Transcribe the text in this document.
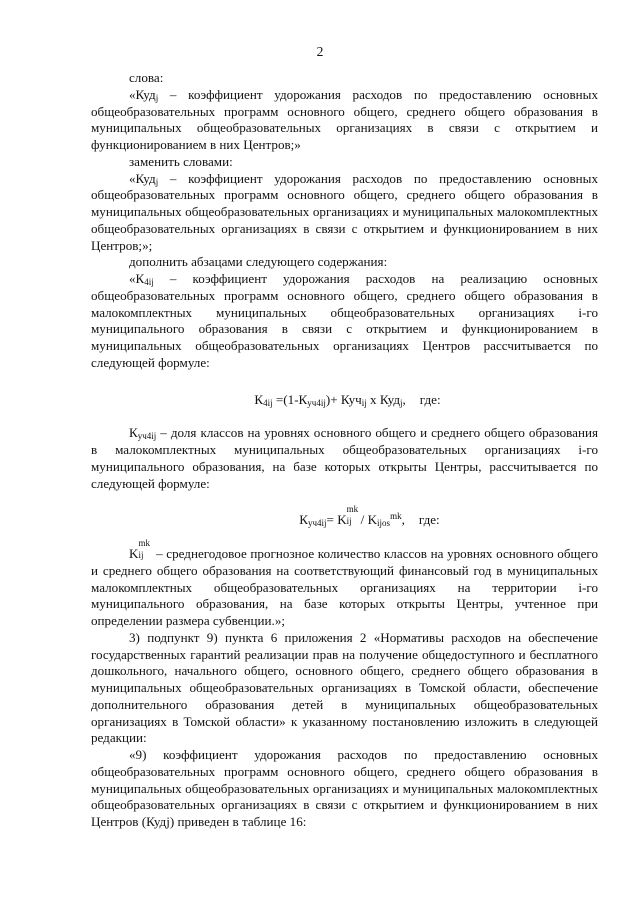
2

слова:

«Куд$_j$ – коэффициент удорожания расходов по предоставлению основных общеобразовательных программ основного общего, среднего общего образования в муниципальных общеобразовательных организациях в связи с открытием и функционированием в них Центров;»

заменить словами:

«Куд$_j$ – коэффициент удорожания расходов по предоставлению основных общеобразовательных программ основного общего, среднего общего образования в муниципальных общеобразовательных организациях и муниципальных малокомплектных общеобразовательных организациях в связи с открытием и функционированием в них Центров;»;

дополнить абзацами следующего содержания:

«$К_{4ij}$ – коэффициент удорожания расходов на реализацию основных общеобразовательных программ основного общего, среднего общего образования в малокомплектных муниципальных общеобразовательных организациях i-го муниципального образования в связи с открытием и функционированием в муниципальных общеобразовательных организациях Центров рассчитывается по следующей формуле:

$К_{4ij} =(1-К_{уч4ij})+ Куч_{ij}$ х Куд$_j$, где:

$К_{уч4ij}$ – доля классов на уровнях основного общего и среднего общего образования в малокомплектных муниципальных общеобразовательных организациях i-го муниципального образования, на базе которых открыты Центры, рассчитывается по следующей формуле:

$К_{уч4ij}= K$
mk
ij / $K_{ijos}^{mk}$, где:

K
mk
ij – среднегодовое прогнозное количество классов на уровнях основного общего и среднего общего образования на соответствующий финансовый год в муниципальных малокомплектных общеобразовательных организациях на территории i-го муниципального образования, на базе которых открыты Центры, учтенное при определении размера субвенции.»;

3) подпункт 9) пункта 6 приложения 2 «Нормативы расходов на обеспечение государственных гарантий реализации прав на получение общедоступного и бесплатного дошкольного, начального общего, основного общего, среднего общего образования в муниципальных общеобразовательных организациях в Томской области, обеспечение дополнительного образования детей в муниципальных общеобразовательных организациях в Томской области» к указанному постановлению изложить в следующей редакции:

«9) коэффициент удорожания расходов по предоставлению основных общеобразовательных программ основного общего, среднего общего образования в муниципальных общеобразовательных организациях и муниципальных малокомплектных общеобразовательных организациях в связи с открытием и функционированием в них Центров (Кудj) приведен в таблице 16:
